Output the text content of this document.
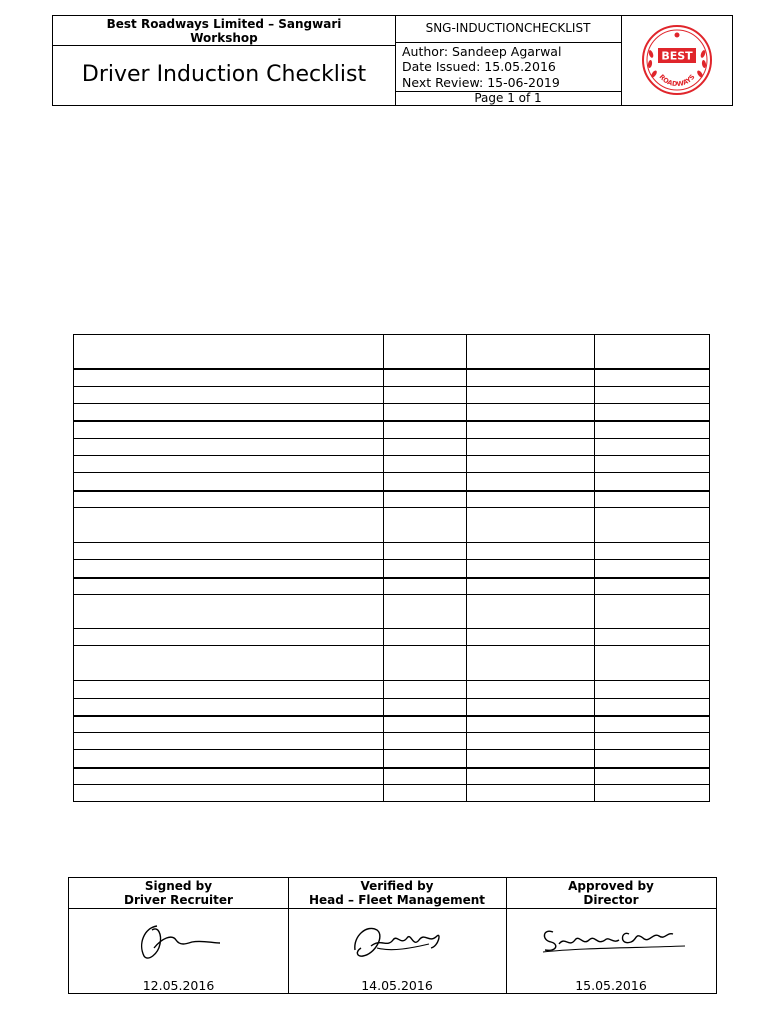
Best Roadways Limited – Sangwari
Workshop
Driver Induction Checklist
SNG-INDUCTIONCHECKLIST
Author: Sandeep Agarwal
Date Issued: 15.05.2016
Next Review: 15-06-2019
Page 1 of 1
BEST
ROADWAYS
Signed by
Driver Recruiter
12.05.2016
Verified by
Head – Fleet Management
14.05.2016
Approved by
Director
15.05.2016
